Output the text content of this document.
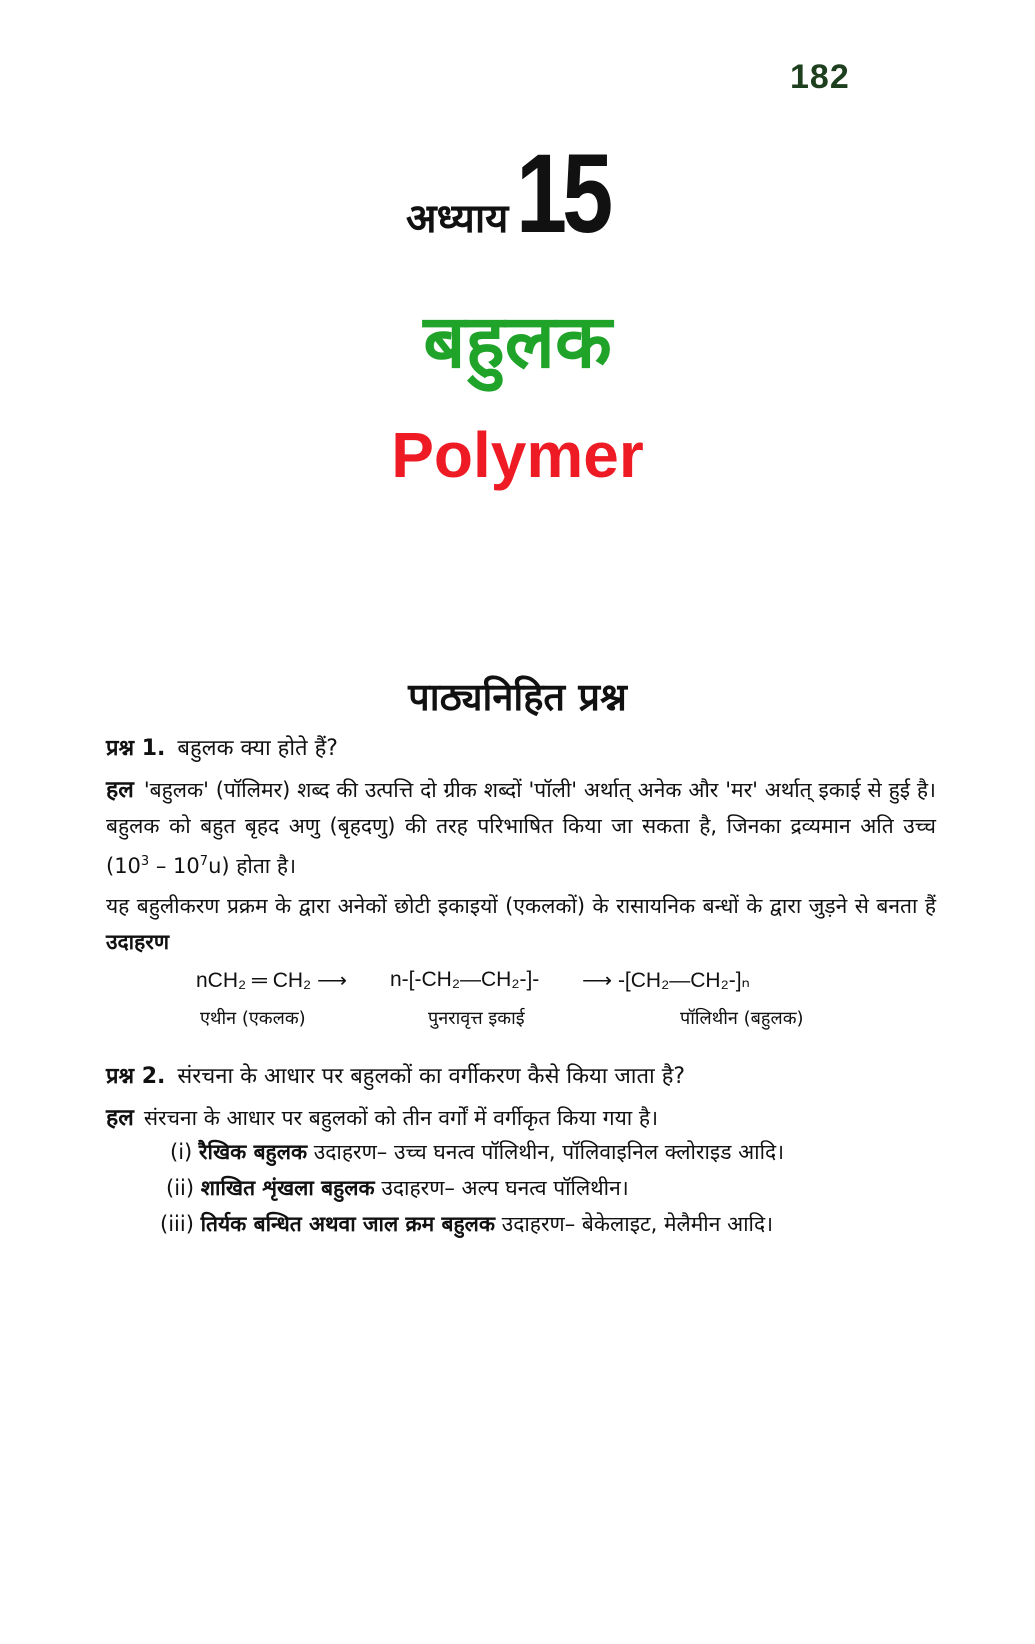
182
अध्याय15
बहुलक
Polymer
पाठ्यनिहित प्रश्न
प्रश्न 1. बहुलक क्या होते हैं?
हल 'बहुलक' (पॉलिमर) शब्द की उत्पत्ति दो ग्रीक शब्दों 'पॉली' अर्थात् अनेक और 'मर' अर्थात् इकाई से हुई है। बहुलक को बहुत बृहद अणु (बृहदणु) की तरह परिभाषित किया जा सकता है, जिनका द्रव्यमान अति उच्च $(10^3 - 10^7u)$ होता है।
यह बहुलीकरण प्रक्रम के द्वारा अनेकों छोटी इकाइयों (एकलकों) के रासायनिक बन्धों के द्वारा जुड़ने से बनता हैं उदाहरण
nCH₂ ═ CH₂ ⟶ n-[-CH₂—CH₂-]- ⟶ -[CH₂—CH₂-]ₙ
एथीन (एकलक)	पुनरावृत्त इकाई	पॉलिथीन (बहुलक)
प्रश्न 2. संरचना के आधार पर बहुलकों का वर्गीकरण कैसे किया जाता है?
हल संरचना के आधार पर बहुलकों को तीन वर्गों में वर्गीकृत किया गया है।
(i) रैखिक बहुलक उदाहरण– उच्च घनत्व पॉलिथीन, पॉलिवाइनिल क्लोराइड आदि।
(ii) शाखित शृंखला बहुलक उदाहरण– अल्प घनत्व पॉलिथीन।
(iii) तिर्यक बन्धित अथवा जाल क्रम बहुलक उदाहरण– बेकेलाइट, मेलैमीन आदि।
